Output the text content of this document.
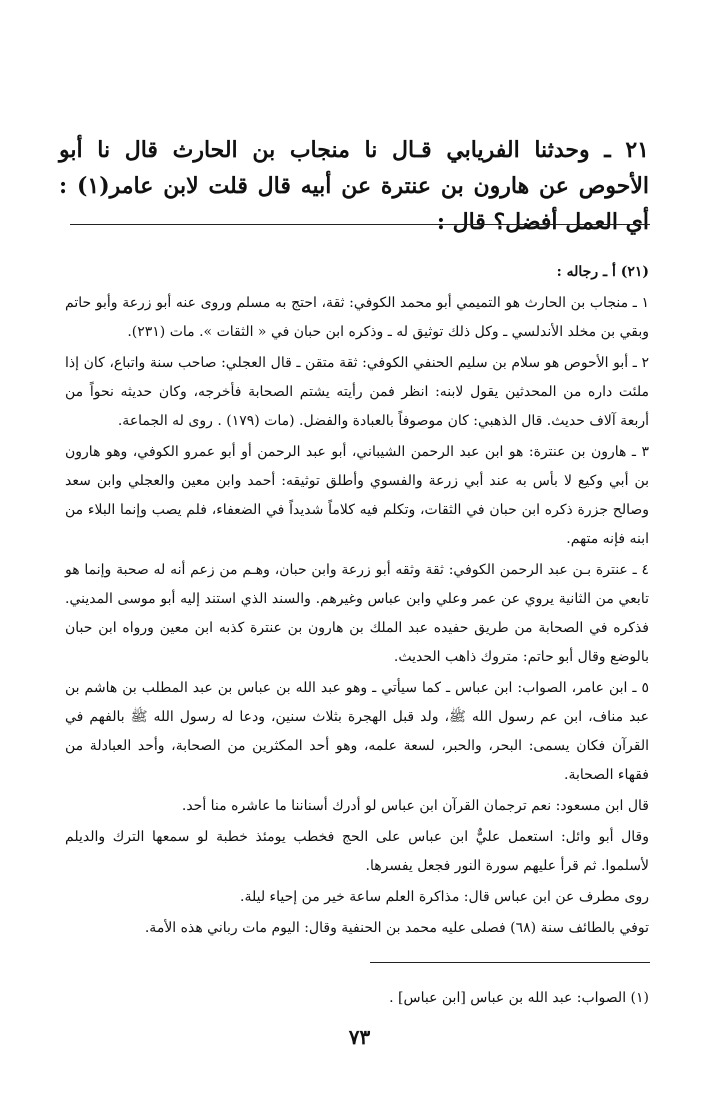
٢١ ـ وحدثنا الفريابي قـال نا منجاب بن الحارث قال نا أبو الأحوص عن هارون بن عنترة عن أبيه قال قلت لابن عامر(١) : أي العمل أفضل؟ قال :

(٢١) أ ـ رجاله :

١ ـ منجاب بن الحارث هو التميمي أبو محمد الكوفي: ثقة، احتج به مسلم وروى عنه أبو زرعة وأبو حاتم وبقي بن مخلد الأندلسي ـ وكل ذلك توثيق له ـ وذكره ابن حبان في « الثقات ». مات (٢٣١).

٢ ـ أبو الأحوص هو سلام بن سليم الحنفي الكوفي: ثقة متقن ـ قال العجلي: صاحب سنة واتباع، كان إذا ملئت داره من المحدثين يقول لابنه: انظر فمن رأيته يشتم الصحابة فأخرجه، وكان حديثه نحواً من أربعة آلاف حديث. قال الذهبي: كان موصوفاً بالعبادة والفضل. (مات (١٧٩) . روى له الجماعة.

٣ ـ هارون بن عنترة: هو ابن عبد الرحمن الشيباني، أبو عبد الرحمن أو أبو عمرو الكوفي، وهو هارون بن أبي وكيع لا بأس به عند أبي زرعة والفسوي وأطلق توثيقه: أحمد وابن معين والعجلي وابن سعد وصالح جزرة ذكره ابن حبان في الثقات، وتكلم فيه كلاماً شديداً في الضعفاء، فلم يصب وإنما البلاء من ابنه فإنه متهم.

٤ ـ عنترة بـن عبد الرحمن الكوفي: ثقة وثقه أبو زرعة وابن حبان، وهـم من زعم أنه له صحبة وإنما هو تابعي من الثانية يروي عن عمر وعلي وابن عباس وغيرهم. والسند الذي استند إليه أبو موسى المديني. فذكره في الصحابة من طريق حفيده عبد الملك بن هارون بن عنترة كذبه ابن معين ورواه ابن حبان بالوضع وقال أبو حاتم: متروك ذاهب الحديث.

٥ ـ ابن عامر، الصواب: ابن عباس ـ كما سيأتي ـ وهو عبد الله بن عباس بن عبد المطلب بن هاشم بن عبد مناف، ابن عم رسول الله ﷺ، ولد قبل الهجرة بثلاث سنين، ودعا له رسول الله ﷺ بالفهم في القرآن فكان يسمى: البحر، والحبر، لسعة علمه، وهو أحد المكثرين من الصحابة، وأحد العبادلة من فقهاء الصحابة.

قال ابن مسعود: نعم ترجمان القرآن ابن عباس لو أدرك أسناننا ما عاشره منا أحد.

وقال أبو وائل: استعمل عليٌّ ابن عباس على الحج فخطب يومئذ خطبة لو سمعها الترك والديلم لأسلموا. ثم قرأ عليهم سورة النور فجعل يفسرها.

روى مطرف عن ابن عباس قال: مذاكرة العلم ساعة خير من إحياء ليلة.

توفي بالطائف سنة (٦٨) فصلى عليه محمد بن الحنفية وقال: اليوم مات رباني هذه الأمة.

(١) الصواب: عبد الله بن عباس [ابن عباس] .
٧٣
